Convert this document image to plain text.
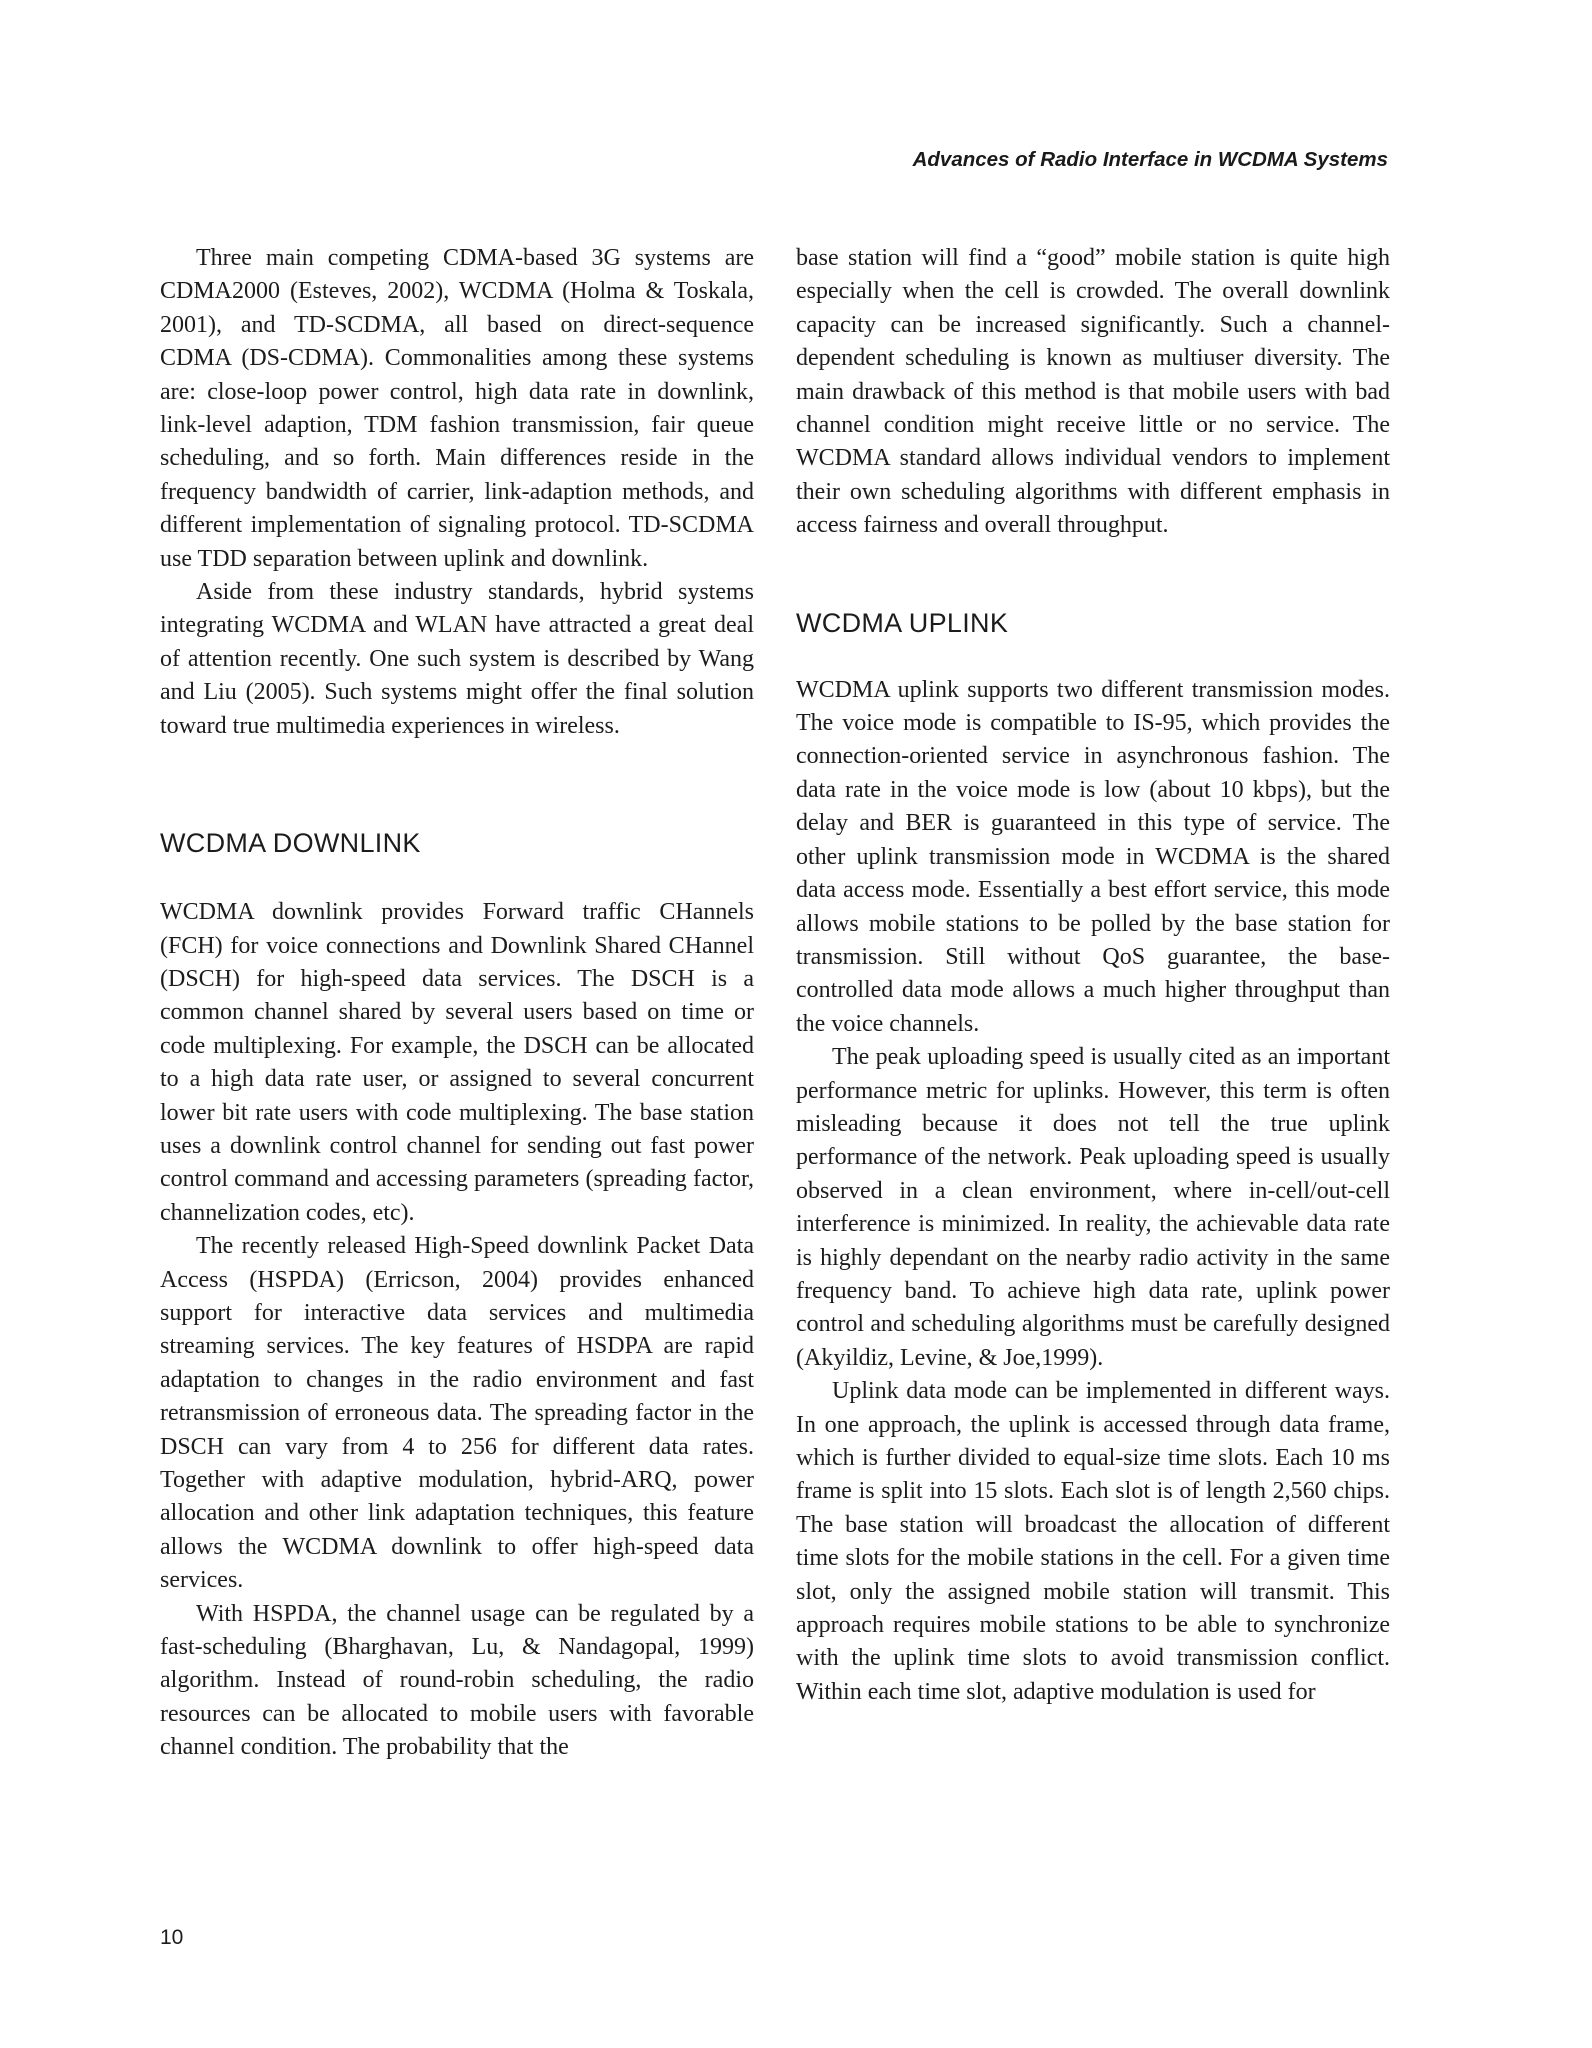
Advances of Radio Interface in WCDMA Systems

Three main competing CDMA-based 3G systems are CDMA2000 (Esteves, 2002), WCDMA (Holma & Toskala, 2001), and TD-SCDMA, all based on direct-sequence CDMA (DS-CDMA). Commonalities among these systems are: close-loop power control, high data rate in downlink, link-level adaption, TDM fashion transmission, fair queue scheduling, and so forth. Main differences reside in the frequency bandwidth of carrier, link-adaption methods, and different implementation of signaling protocol. TD-SCDMA use TDD separation between uplink and downlink.

Aside from these industry standards, hybrid systems integrating WCDMA and WLAN have attracted a great deal of attention recently. One such system is described by Wang and Liu (2005). Such systems might offer the final solution toward true multimedia experiences in wireless.

WCDMA DOWNLINK

WCDMA downlink provides Forward traffic CHannels (FCH) for voice connections and Downlink Shared CHannel (DSCH) for high-speed data services. The DSCH is a common channel shared by several users based on time or code multiplexing. For example, the DSCH can be allocated to a high data rate user, or assigned to several concurrent lower bit rate users with code multiplexing. The base station uses a downlink control channel for sending out fast power control command and accessing parameters (spreading factor, channelization codes, etc).

The recently released High-Speed downlink Packet Data Access (HSPDA) (Erricson, 2004) provides enhanced support for interactive data services and multimedia streaming services. The key features of HSDPA are rapid adaptation to changes in the radio environment and fast retransmission of erroneous data. The spreading factor in the DSCH can vary from 4 to 256 for different data rates. Together with adaptive modulation, hybrid-ARQ, power allocation and other link adaptation techniques, this feature allows the WCDMA downlink to offer high-speed data services.

With HSPDA, the channel usage can be regulated by a fast-scheduling (Bharghavan, Lu, & Nandagopal, 1999) algorithm. Instead of round-robin scheduling, the radio resources can be allocated to mobile users with favorable channel condition. The probability that the

base station will find a “good” mobile station is quite high especially when the cell is crowded. The overall downlink capacity can be increased significantly. Such a channel-dependent scheduling is known as multiuser diversity. The main drawback of this method is that mobile users with bad channel condition might receive little or no service. The WCDMA standard allows individual vendors to implement their own scheduling algorithms with different emphasis in access fairness and overall throughput.

WCDMA UPLINK

WCDMA uplink supports two different transmission modes. The voice mode is compatible to IS-95, which provides the connection-oriented service in asynchronous fashion. The data rate in the voice mode is low (about 10 kbps), but the delay and BER is guaranteed in this type of service. The other uplink transmission mode in WCDMA is the shared data access mode. Essentially a best effort service, this mode allows mobile stations to be polled by the base station for transmission. Still without QoS guarantee, the base-controlled data mode allows a much higher throughput than the voice channels.

The peak uploading speed is usually cited as an important performance metric for uplinks. However, this term is often misleading because it does not tell the true uplink performance of the network. Peak uploading speed is usually observed in a clean environment, where in-cell/out-cell interference is minimized. In reality, the achievable data rate is highly dependant on the nearby radio activity in the same frequency band. To achieve high data rate, uplink power control and scheduling algorithms must be carefully designed (Akyildiz, Levine, & Joe,1999).

Uplink data mode can be implemented in different ways. In one approach, the uplink is accessed through data frame, which is further divided to equal-size time slots. Each 10 ms frame is split into 15 slots. Each slot is of length 2,560 chips. The base station will broadcast the allocation of different time slots for the mobile stations in the cell. For a given time slot, only the assigned mobile station will transmit. This approach requires mobile stations to be able to synchronize with the uplink time slots to avoid transmission conflict. Within each time slot, adaptive modulation is used for

10
